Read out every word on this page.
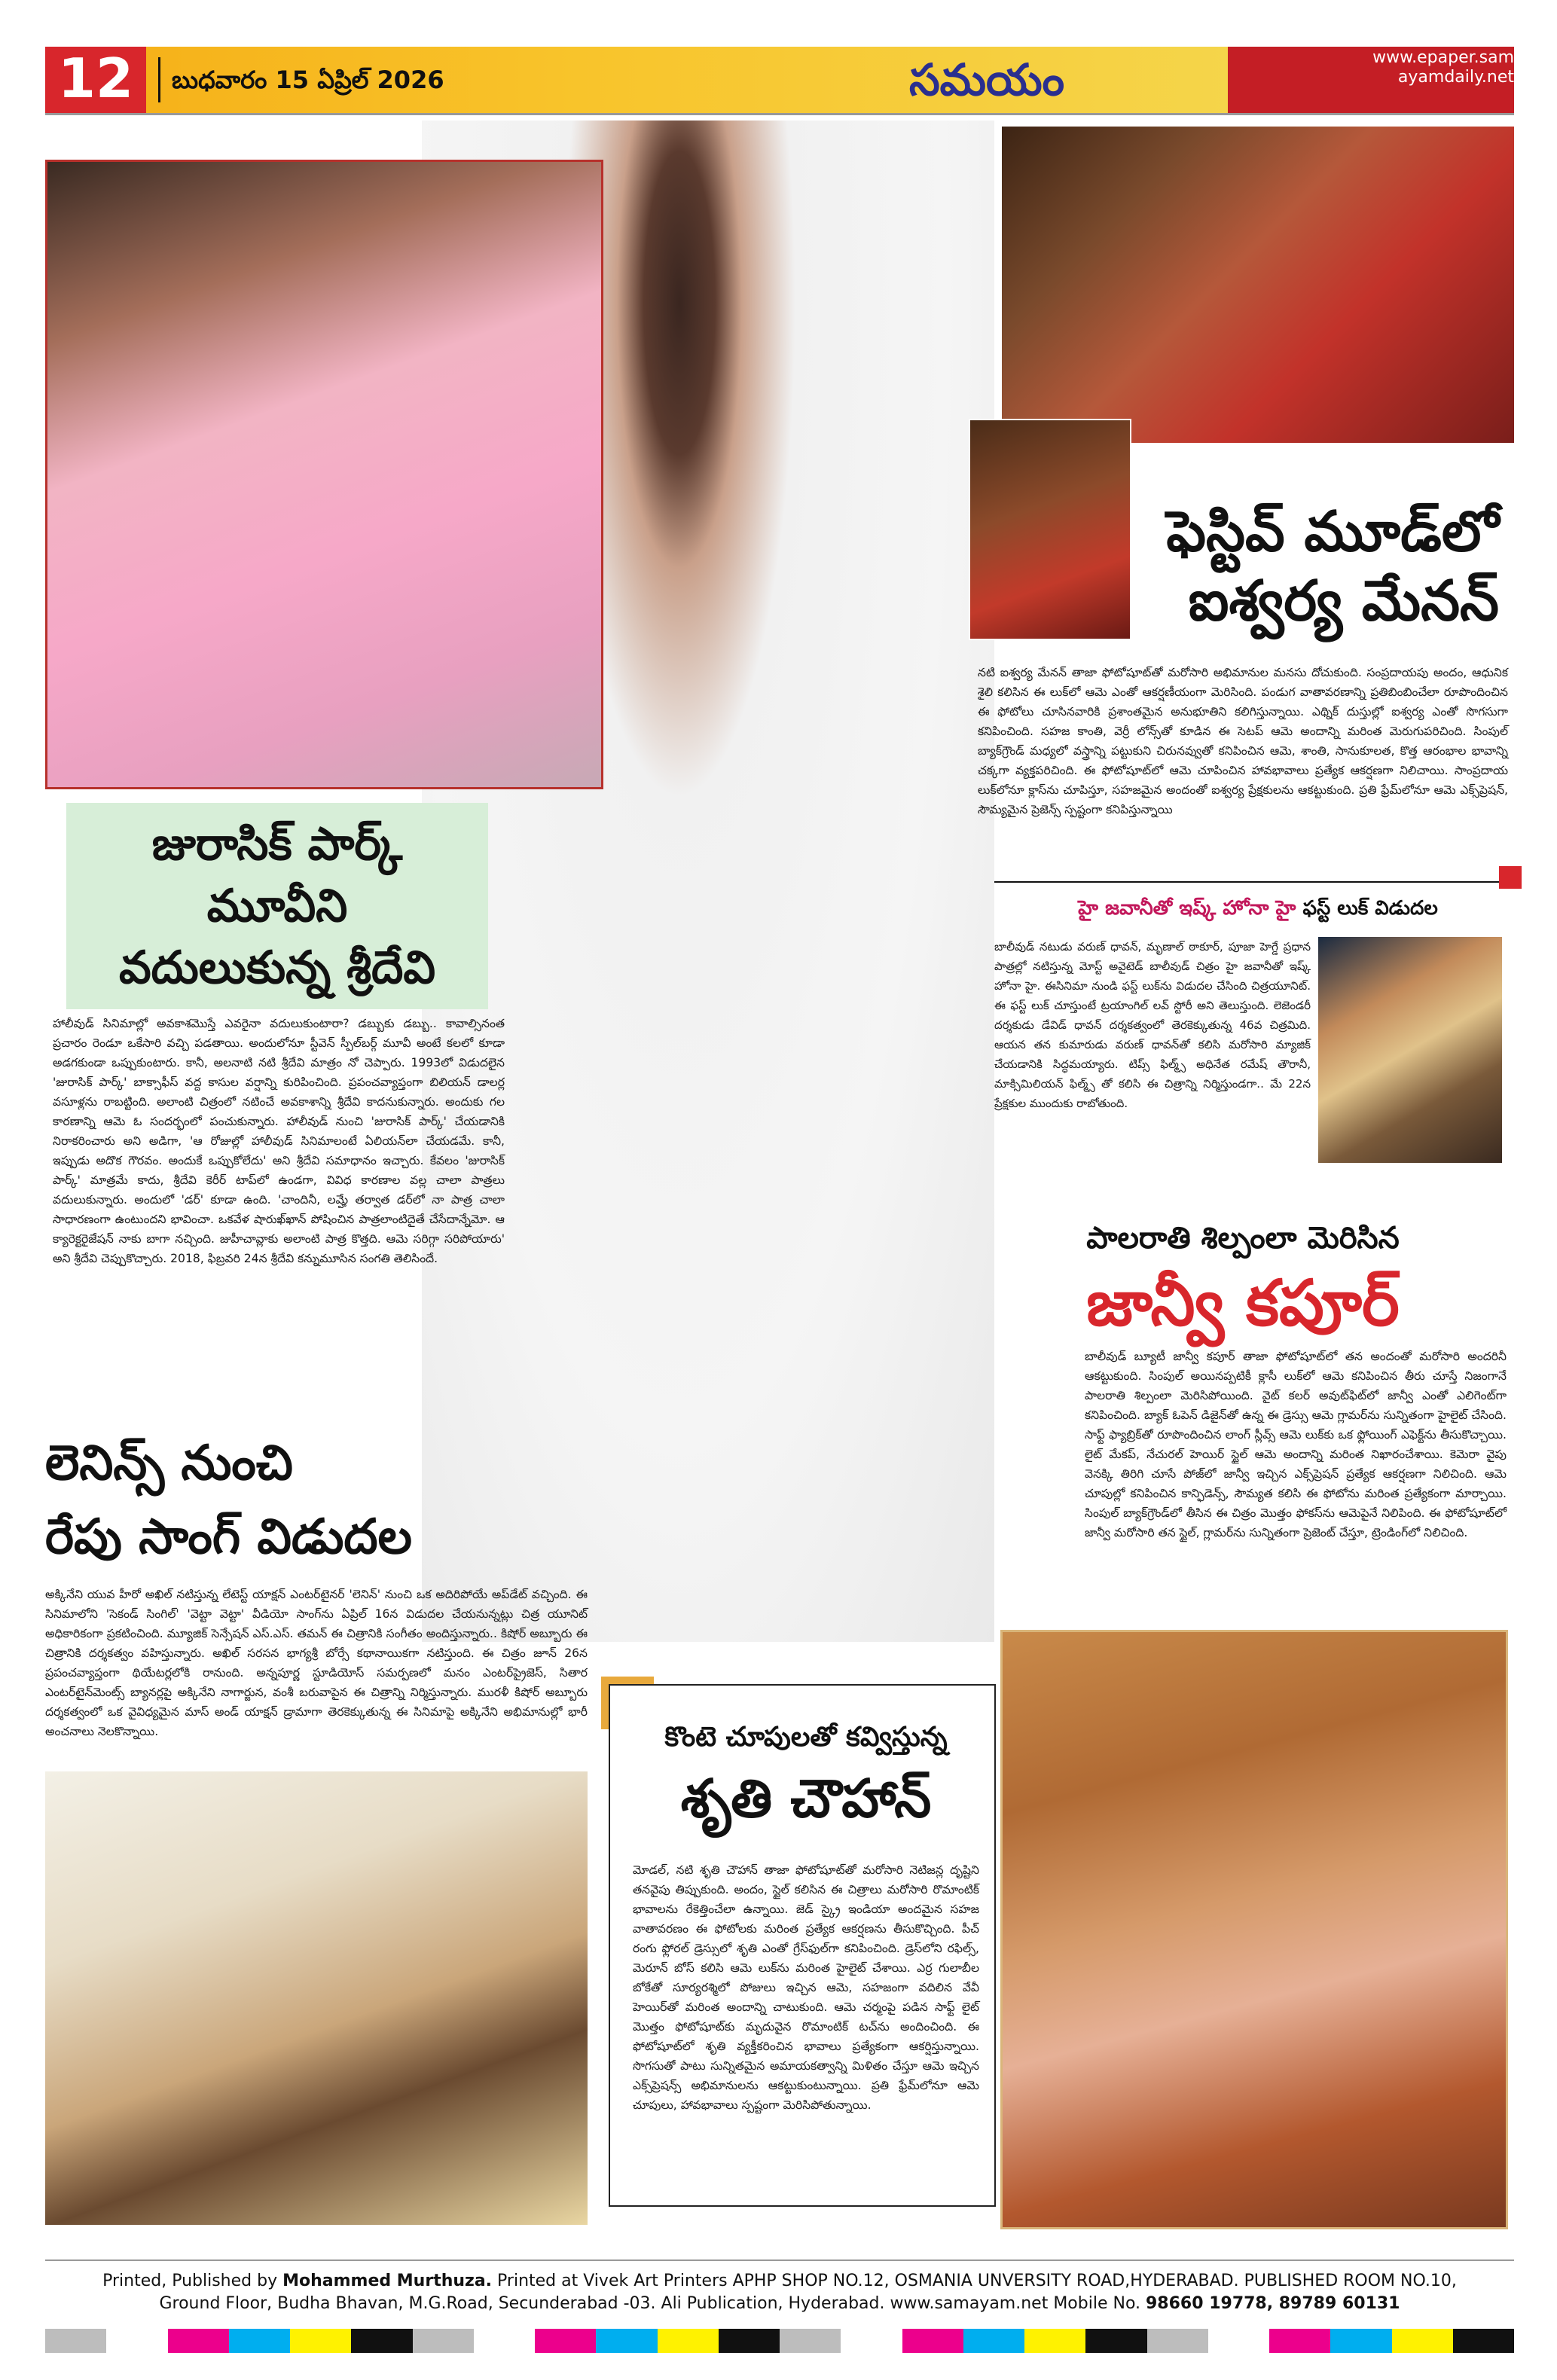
12	బుధవారం 15 ఏప్రిల్ 2026	సమయం	www.epaper.sam
ayamdaily.net
ఫెస్టివ్ మూడ్‌లో
ఐశ్వర్య మేనన్

నటి ఐశ్వర్య మేనన్ తాజా ఫోటోషూట్‌తో మరోసారి అభిమానుల మనసు దోచుకుంది. సంప్రదాయపు అందం, ఆధునిక శైలి కలిసిన ఈ లుక్‌లో ఆమె ఎంతో ఆకర్షణీయంగా మెరిసింది. పండుగ వాతావరణాన్ని ప్రతిబింబించేలా రూపొందించిన ఈ ఫోటోలు చూసినవారికి ప్రశాంతమైన అనుభూతిని కలిగిస్తున్నాయి. ఎథ్నిక్ దుస్తుల్లో ఐశ్వర్య ఎంతో సొగసుగా కనిపించింది. సహజ కాంతి, వెర్రీ లోన్స్‌తో కూడిన ఈ సెటప్ ఆమె అందాన్ని మరింత మెరుగుపరిచింది. సింపుల్ బ్యాక్‌గ్రౌండ్ మధ్యలో వస్త్రాన్ని పట్టుకుని చిరునవ్వుతో కనిపించిన ఆమె, శాంతి, సానుకూలత, కొత్త ఆరంభాల భావాన్ని చక్కగా వ్యక్తపరిచింది. ఈ ఫోటోషూట్‌లో ఆమె చూపించిన హావభావాలు ప్రత్యేక ఆకర్షణగా నిలిచాయి. సాంప్రదాయ లుక్‌లోనూ క్లాస్‌ను చూపిస్తూ, సహజమైన అందంతో ఐశ్వర్య ప్రేక్షకులను ఆకట్టుకుంది. ప్రతి ఫ్రేమ్‌లోనూ ఆమె ఎక్స్‌ప్రెషన్, సౌమ్యమైన ప్రెజెన్స్ స్పష్టంగా కనిపిస్తున్నాయి

జురాసిక్ పార్క్
మూవీని
వదులుకున్న శ్రీదేవి

హాలీవుడ్ సినిమాల్లో అవకాశమొస్తే ఎవరైనా వదులుకుంటారా? డబ్బుకు డబ్బు.. కావాల్సినంత ప్రచారం రెండూ ఒకేసారి వచ్చి పడతాయి. అందులోనూ స్టీవెన్ స్పీల్‌బర్గ్ మూవీ అంటే కలలో కూడా అడగకుండా ఒప్పుకుంటారు. కానీ, అలనాటి నటి శ్రీదేవి మాత్రం నో చెప్పారు. 1993లో విడుదలైన 'జురాసిక్ పార్క్' బాక్సాఫీస్ వద్ద కాసుల వర్షాన్ని కురిపించింది. ప్రపంచవ్యాప్తంగా బిలియన్ డాలర్ల వసూళ్లను రాబట్టింది. అలాంటి చిత్రంలో నటించే అవకాశాన్ని శ్రీదేవి కాదనుకున్నారు. అందుకు గల కారణాన్ని ఆమె ఓ సందర్భంలో పంచుకున్నారు. హాలీవుడ్ నుంచి 'జురాసిక్ పార్క్' చేయడానికి నిరాకరించారు అని అడిగా, 'ఆ రోజుల్లో హాలీవుడ్ సినిమాలంటే ఏలియన్‌లా చేయడమే. కానీ, ఇప్పుడు అదొక గౌరవం. అందుకే ఒప్పుకోలేదు' అని శ్రీదేవి సమాధానం ఇచ్చారు. కేవలం 'జురాసిక్ పార్క్' మాత్రమే కాదు, శ్రీదేవి కెరీర్ టాప్‌లో ఉండగా, వివిధ కారణాల వల్ల చాలా పాత్రలు వదులుకున్నారు. అందులో 'డర్' కూడా ఉంది. 'చాందినీ, లమ్హే తర్వాత డర్‌లో నా పాత్ర చాలా సాధారణంగా ఉంటుందని భావించా. ఒకవేళ షారుఖ్‌ఖాన్ పోషించిన పాత్రలాంటిదైతే చేసేదాన్నేమో. ఆ క్యారెక్టరైజేషన్ నాకు బాగా నచ్చింది. జుహీచావ్లాకు అలాంటి పాత్ర కొత్తది. ఆమె సరిగ్గా సరిపోయారు' అని శ్రీదేవి చెప్పుకొచ్చారు. 2018, ఫిబ్రవరి 24న శ్రీదేవి కన్నుమూసిన సంగతి తెలిసిందే.

లెనిన్స్ నుంచి
రేపు సాంగ్ విడుదల

అక్కినేని యువ హీరో అఖిల్ నటిస్తున్న లేటెస్ట్ యాక్షన్ ఎంటర్‌టైనర్ 'లెనిన్' నుంచి ఒక అదిరిపోయే అప్‌డేట్ వచ్చింది. ఈ సినిమాలోని 'సెకండ్ సింగిల్' 'వెట్టా వెట్టా' వీడియో సాంగ్‌ను ఏప్రిల్ 16న విడుదల చేయనున్నట్లు చిత్ర యూనిట్ అధికారికంగా ప్రకటించింది. మ్యూజిక్ సెన్సేషన్ ఎస్.ఎస్. తమన్ ఈ చిత్రానికి సంగీతం అందిస్తున్నారు.. కిషోర్ అబ్బూరు ఈ చిత్రానికి దర్శకత్వం వహిస్తున్నారు. అఖిల్ సరసన భాగ్యశ్రీ బోర్సే కథానాయికగా నటిస్తుంది. ఈ చిత్రం జూన్ 26న ప్రపంచవ్యాప్తంగా థియేటర్లలోకి రానుంది. అన్నపూర్ణ స్టూడియోస్ సమర్పణలో మనం ఎంటర్‌ప్రైజెస్, సితార ఎంటర్‌టైన్‌మెంట్స్ బ్యానర్లపై అక్కినేని నాగార్జున, వంశీ బరువాపైన ఈ చిత్రాన్ని నిర్మిస్తున్నారు. మురళీ కిషోర్ అబ్బూరు దర్శకత్వంలో ఒక వైవిధ్యమైన మాస్ అండ్ యాక్షన్ డ్రామాగా తెరకెక్కుతున్న ఈ సినిమాపై అక్కినేని అభిమానుల్లో భారీ అంచనాలు నెలకొన్నాయి.

హై జవానీతో ఇష్క్ హోనా హై ఫస్ట్ లుక్ విడుదల

బాలీవుడ్ నటుడు వరుణ్ ధావన్, మృణాల్ ఠాకూర్, పూజా హెగ్డే ప్రధాన పాత్రల్లో నటిస్తున్న మోస్ట్ అవైటెడ్ బాలీవుడ్ చిత్రం హై జవానీతో ఇష్క్ హోనా హై. ఈసినిమా నుండి ఫస్ట్ లుక్‌ను విడుదల చేసింది చిత్రయూనిట్. ఈ ఫస్ట్ లుక్ చూస్తుంటే ట్రయాంగిల్ లవ్ స్టోరీ అని తెలుస్తుంది. లెజెండరీ దర్శకుడు డేవిడ్ ధావన్ దర్శకత్వంలో తెరకెక్కుతున్న 46వ చిత్రమిది. ఆయన తన కుమారుడు వరుణ్ ధావన్‌తో కలిసి మరోసారి మ్యాజిక్ చేయడానికి సిద్ధమయ్యారు. టిప్స్ ఫిల్మ్స్ అధినేత రమేష్ తౌరానీ, మాక్సిమిలియన్ ఫిల్మ్స్ తో కలిసి ఈ చిత్రాన్ని నిర్మిస్తుండగా.. మే 22న ప్రేక్షకుల ముందుకు రాబోతుంది.

పాలరాతి శిల్పంలా మెరిసిన
జాన్వీ కపూర్

బాలీవుడ్ బ్యూటీ జాన్వీ కపూర్ తాజా ఫోటోషూట్‌లో తన అందంతో మరోసారి అందరినీ ఆకట్టుకుంది. సింపుల్ అయినప్పటికీ క్లాసీ లుక్‌లో ఆమె కనిపించిన తీరు చూస్తే నిజంగానే పాలరాతి శిల్పంలా మెరిసిపోయింది. వైట్ కలర్ అవుట్‌ఫిట్‌లో జాన్వీ ఎంతో ఎలిగెంట్‌గా కనిపించింది. బ్యాక్ ఓపెన్ డిజైన్‌తో ఉన్న ఈ డ్రెస్సు ఆమె గ్లామర్‌ను సున్నితంగా హైలైట్ చేసింది. సాఫ్ట్ ఫ్యాబ్రిక్‌తో రూపొందించిన లాంగ్ స్లీవ్స్ ఆమె లుక్‌కు ఒక ఫ్లోయింగ్ ఎఫెక్ట్‌ను తీసుకొచ్చాయి. లైట్ మేకప్, నేచురల్ హెయిర్ స్టైల్ ఆమె అందాన్ని మరింత నిఖారంచేశాయి. కెమెరా వైపు వెనక్కి తిరిగి చూసే పోజ్‌లో జాన్వీ ఇచ్చిన ఎక్స్‌ప్రెషన్ ప్రత్యేక ఆకర్షణగా నిలిచింది. ఆమె చూపుల్లో కనిపించిన కాన్ఫిడెన్స్, సౌమ్యత కలిసి ఈ ఫోటోను మరింత ప్రత్యేకంగా మార్చాయి. సింపుల్ బ్యాక్‌గ్రౌండ్‌లో తీసిన ఈ చిత్రం మొత్తం ఫోకస్‌ను ఆమెపైనే నిలిపింది. ఈ ఫోటోషూట్‌లో జాన్వీ మరోసారి తన స్టైల్, గ్లామర్‌ను సున్నితంగా ప్రెజెంట్ చేస్తూ, ట్రెండింగ్‌లో నిలిచింది.

కొంటె చూపులతో కవ్విస్తున్న
శృతి చౌహాన్

మోడల్, నటి శృతి చౌహాన్ తాజా ఫోటోషూట్‌తో మరోసారి నెటిజన్ల దృష్టిని తనవైపు తిప్పుకుంది. అందం, స్టైల్ కలిసిన ఈ చిత్రాలు మరోసారి రొమాంటిక్ భావాలను రేకెత్తించేలా ఉన్నాయి. జెడ్ స్క్రై ఇండియా అందమైన సహజ వాతావరణం ఈ ఫోటోలకు మరింత ప్రత్యేక ఆకర్షణను తీసుకొచ్చింది. పీచ్ రంగు ఫ్లోరల్ డ్రెస్సులో శృతి ఎంతో గ్రేస్‌ఫుల్‌గా కనిపించింది. డ్రెస్‌లోని రఫిల్స్, మెరూన్ బోస్ కలిసి ఆమె లుక్‌ను మరింత హైలైట్ చేశాయి. ఎర్ర గులాబీల బోకేతో సూర్యరశ్మిలో పోజులు ఇచ్చిన ఆమె, సహజంగా వదిలిన వేవీ హెయిర్‌తో మరింత అందాన్ని చాటుకుంది. ఆమె చర్మంపై పడిన సాఫ్ట్ లైట్ మొత్తం ఫోటోషూట్‌కు మృదువైన రొమాంటిక్ టచ్‌ను అందించింది. ఈ ఫోటోషూట్‌లో శృతి వ్యక్తీకరించిన భావాలు ప్రత్యేకంగా ఆకర్షిస్తున్నాయి. సొగసుతో పాటు సున్నితమైన అమాయకత్వాన్ని మిళితం చేస్తూ ఆమె ఇచ్చిన ఎక్స్‌ప్రెషన్స్ అభిమానులను ఆకట్టుకుంటున్నాయి. ప్రతి ఫ్రేమ్‌లోనూ ఆమె చూపులు, హావభావాలు స్పష్టంగా మెరిసిపోతున్నాయి.

Printed, Published by Mohammed Murthuza. Printed at Vivek Art Printers APHP SHOP NO.12, OSMANIA UNVERSITY ROAD,HYDERABAD. PUBLISHED ROOM NO.10,
Ground Floor, Budha Bhavan, M.G.Road, Secunderabad -03. Ali Publication, Hyderabad. www.samayam.net Mobile No. 98660 19778, 89789 60131
